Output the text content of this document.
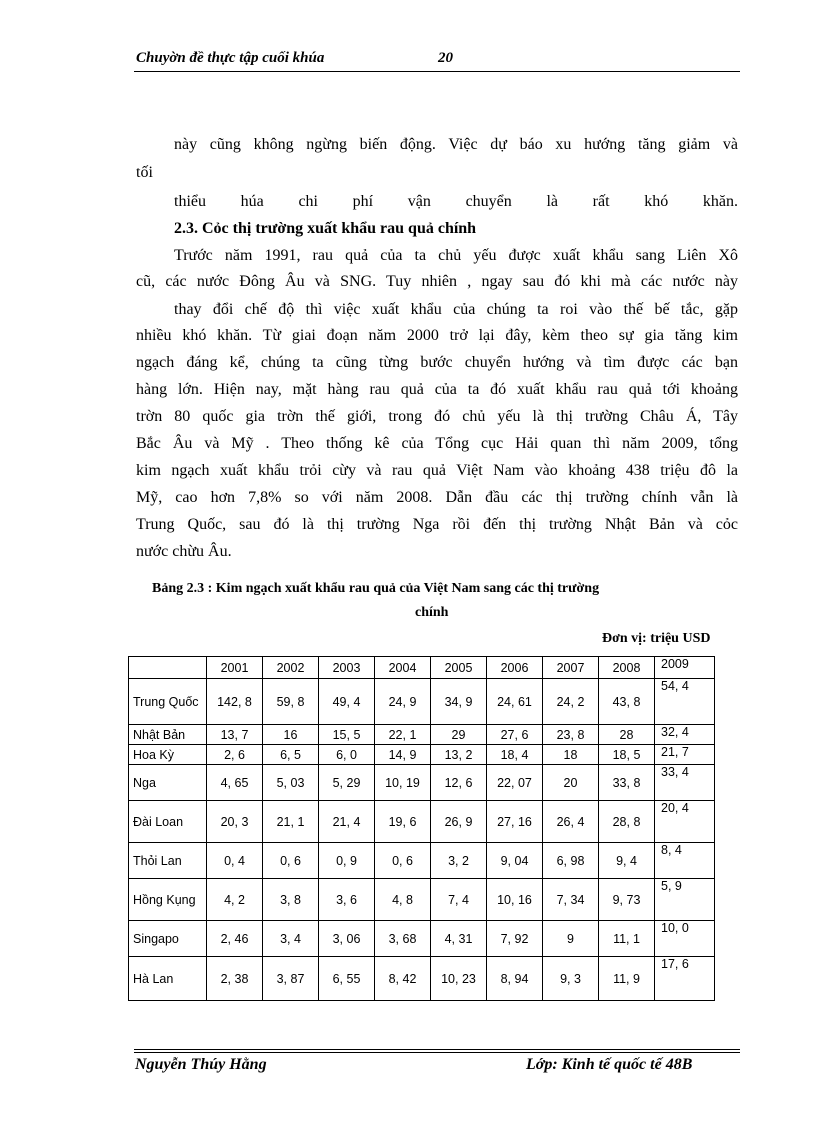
Chuyờn đề thực tập cuối khúa	20
này cũng không ngừng biến động. Việc dự báo xu hướng tăng giảm và
tối
thiểu húa chi phí vận chuyển là rất khó khăn.
2.3. Cỏc thị trường xuất khẩu rau quả chính
Trước năm 1991, rau quả của ta chủ yếu được xuất khẩu sang Liên Xô
cũ, các nước Đông Âu và SNG. Tuy nhiên , ngay sau đó khi mà các nước này
thay đổi chế độ thì việc xuất khẩu của chúng ta roi vào thế bế tắc, gặp
nhiều khó khăn. Từ giai đoạn năm 2000 trở lại đây, kèm theo sự gia tăng kim
ngạch đáng kể, chúng ta cũng từng bước chuyển hướng và tìm được các bạn
hàng lớn. Hiện nay, mặt hàng rau quả của ta đó xuất khẩu rau quả tới khoảng
trờn 80 quốc gia trờn thế giới, trong đó chủ yếu là thị trường Châu Á, Tây
Bắc Âu và Mỹ . Theo thống kê của Tổng cục Hải quan thì năm 2009, tổng
kim ngạch xuất khẩu trỏi cừy và rau quả Việt Nam vào khoảng 438 triệu đô la
Mỹ, cao hơn 7,8% so với năm 2008. Dẫn đầu các thị trường chính vẫn là
Trung Quốc, sau đó là thị trường Nga rồi đến thị trường Nhật Bản và cỏc
nước chừu Âu.
Bảng 2.3 : Kim ngạch xuất khẩu rau quả của Việt Nam sang các thị trường
chính
Đơn vị: triệu USD
	2001	2002	2003	2004	2005	2006	2007	2008	2009
Trung Quốc	142, 8	59, 8	49, 4	24, 9	34, 9	24, 61	24, 2	43, 8	54, 4
Nhật Bản	13, 7	16	15, 5	22, 1	29	27, 6	23, 8	28	32, 4
Hoa Kỳ	2, 6	6, 5	6, 0	14, 9	13, 2	18, 4	18	18, 5	21, 7
Nga	4, 65	5, 03	5, 29	10, 19	12, 6	22, 07	20	33, 8	33, 4
Đài Loan	20, 3	21, 1	21, 4	19, 6	26, 9	27, 16	26, 4	28, 8	20, 4
Thỏi Lan	0, 4	0, 6	0, 9	0, 6	3, 2	9, 04	6, 98	9, 4	8, 4
Hồng Kụng	4, 2	3, 8	3, 6	4, 8	7, 4	10, 16	7, 34	9, 73	5, 9
Singapo	2, 46	3, 4	3, 06	3, 68	4, 31	7, 92	9	11, 1	10, 0
Hà Lan	2, 38	3, 87	6, 55	8, 42	10, 23	8, 94	9, 3	11, 9	17, 6
Nguyễn Thúy Hằng	Lớp: Kinh tế quốc tế 48B
